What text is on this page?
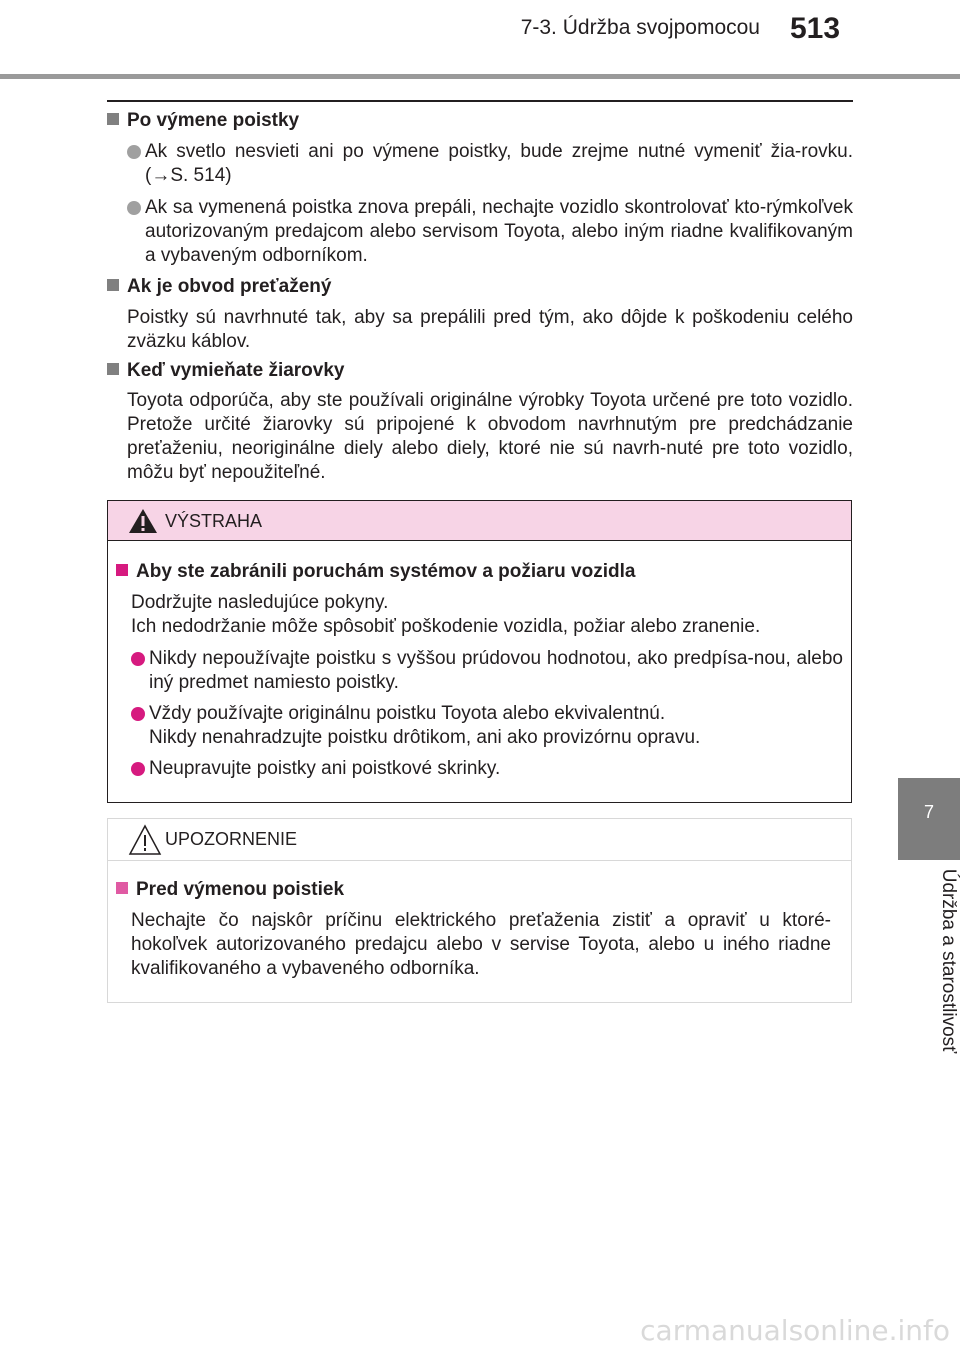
7-3. Údržba svojpomocou 513
7
Údržba a starostlivosť
Po výmene poistky
Ak svetlo nesvieti ani po výmene poistky, bude zrejme nutné vymeniť žia-rovku. (→S. 514)
Ak sa vymenená poistka znova prepáli, nechajte vozidlo skontrolovať kto-rýmkoľvek autorizovaným predajcom alebo servisom Toyota, alebo iným riadne kvalifikovaným a vybaveným odborníkom.
Ak je obvod preťažený
Poistky sú navrhnuté tak, aby sa prepálili pred tým, ako dôjde k poškodeniu celého zväzku káblov.
Keď vymieňate žiarovky
Toyota odporúča, aby ste používali originálne výrobky Toyota určené pre toto vozidlo. Pretože určité žiarovky sú pripojené k obvodom navrhnutým pre predchádzanie preťaženiu, neoriginálne diely alebo diely, ktoré nie sú navrh-nuté pre toto vozidlo, môžu byť nepoužiteľné.
VÝSTRAHA
Aby ste zabránili poruchám systémov a požiaru vozidla
Dodržujte nasledujúce pokyny.
Ich nedodržanie môže spôsobiť poškodenie vozidla, požiar alebo zranenie.
Nikdy nepoužívajte poistku s vyššou prúdovou hodnotou, ako predpísa-nou, alebo iný predmet namiesto poistky.
Vždy používajte originálnu poistku Toyota alebo ekvivalentnú.
Nikdy nenahradzujte poistku drôtikom, ani ako provizórnu opravu.
Neupravujte poistky ani poistkové skrinky.
UPOZORNENIE
Pred výmenou poistiek
Nechajte čo najskôr príčinu elektrického preťaženia zistiť a opraviť u ktoré-hokoľvek autorizovaného predajcu alebo v servise Toyota, alebo u iného riadne kvalifikovaného a vybaveného odborníka.
carmanualsonline.info
